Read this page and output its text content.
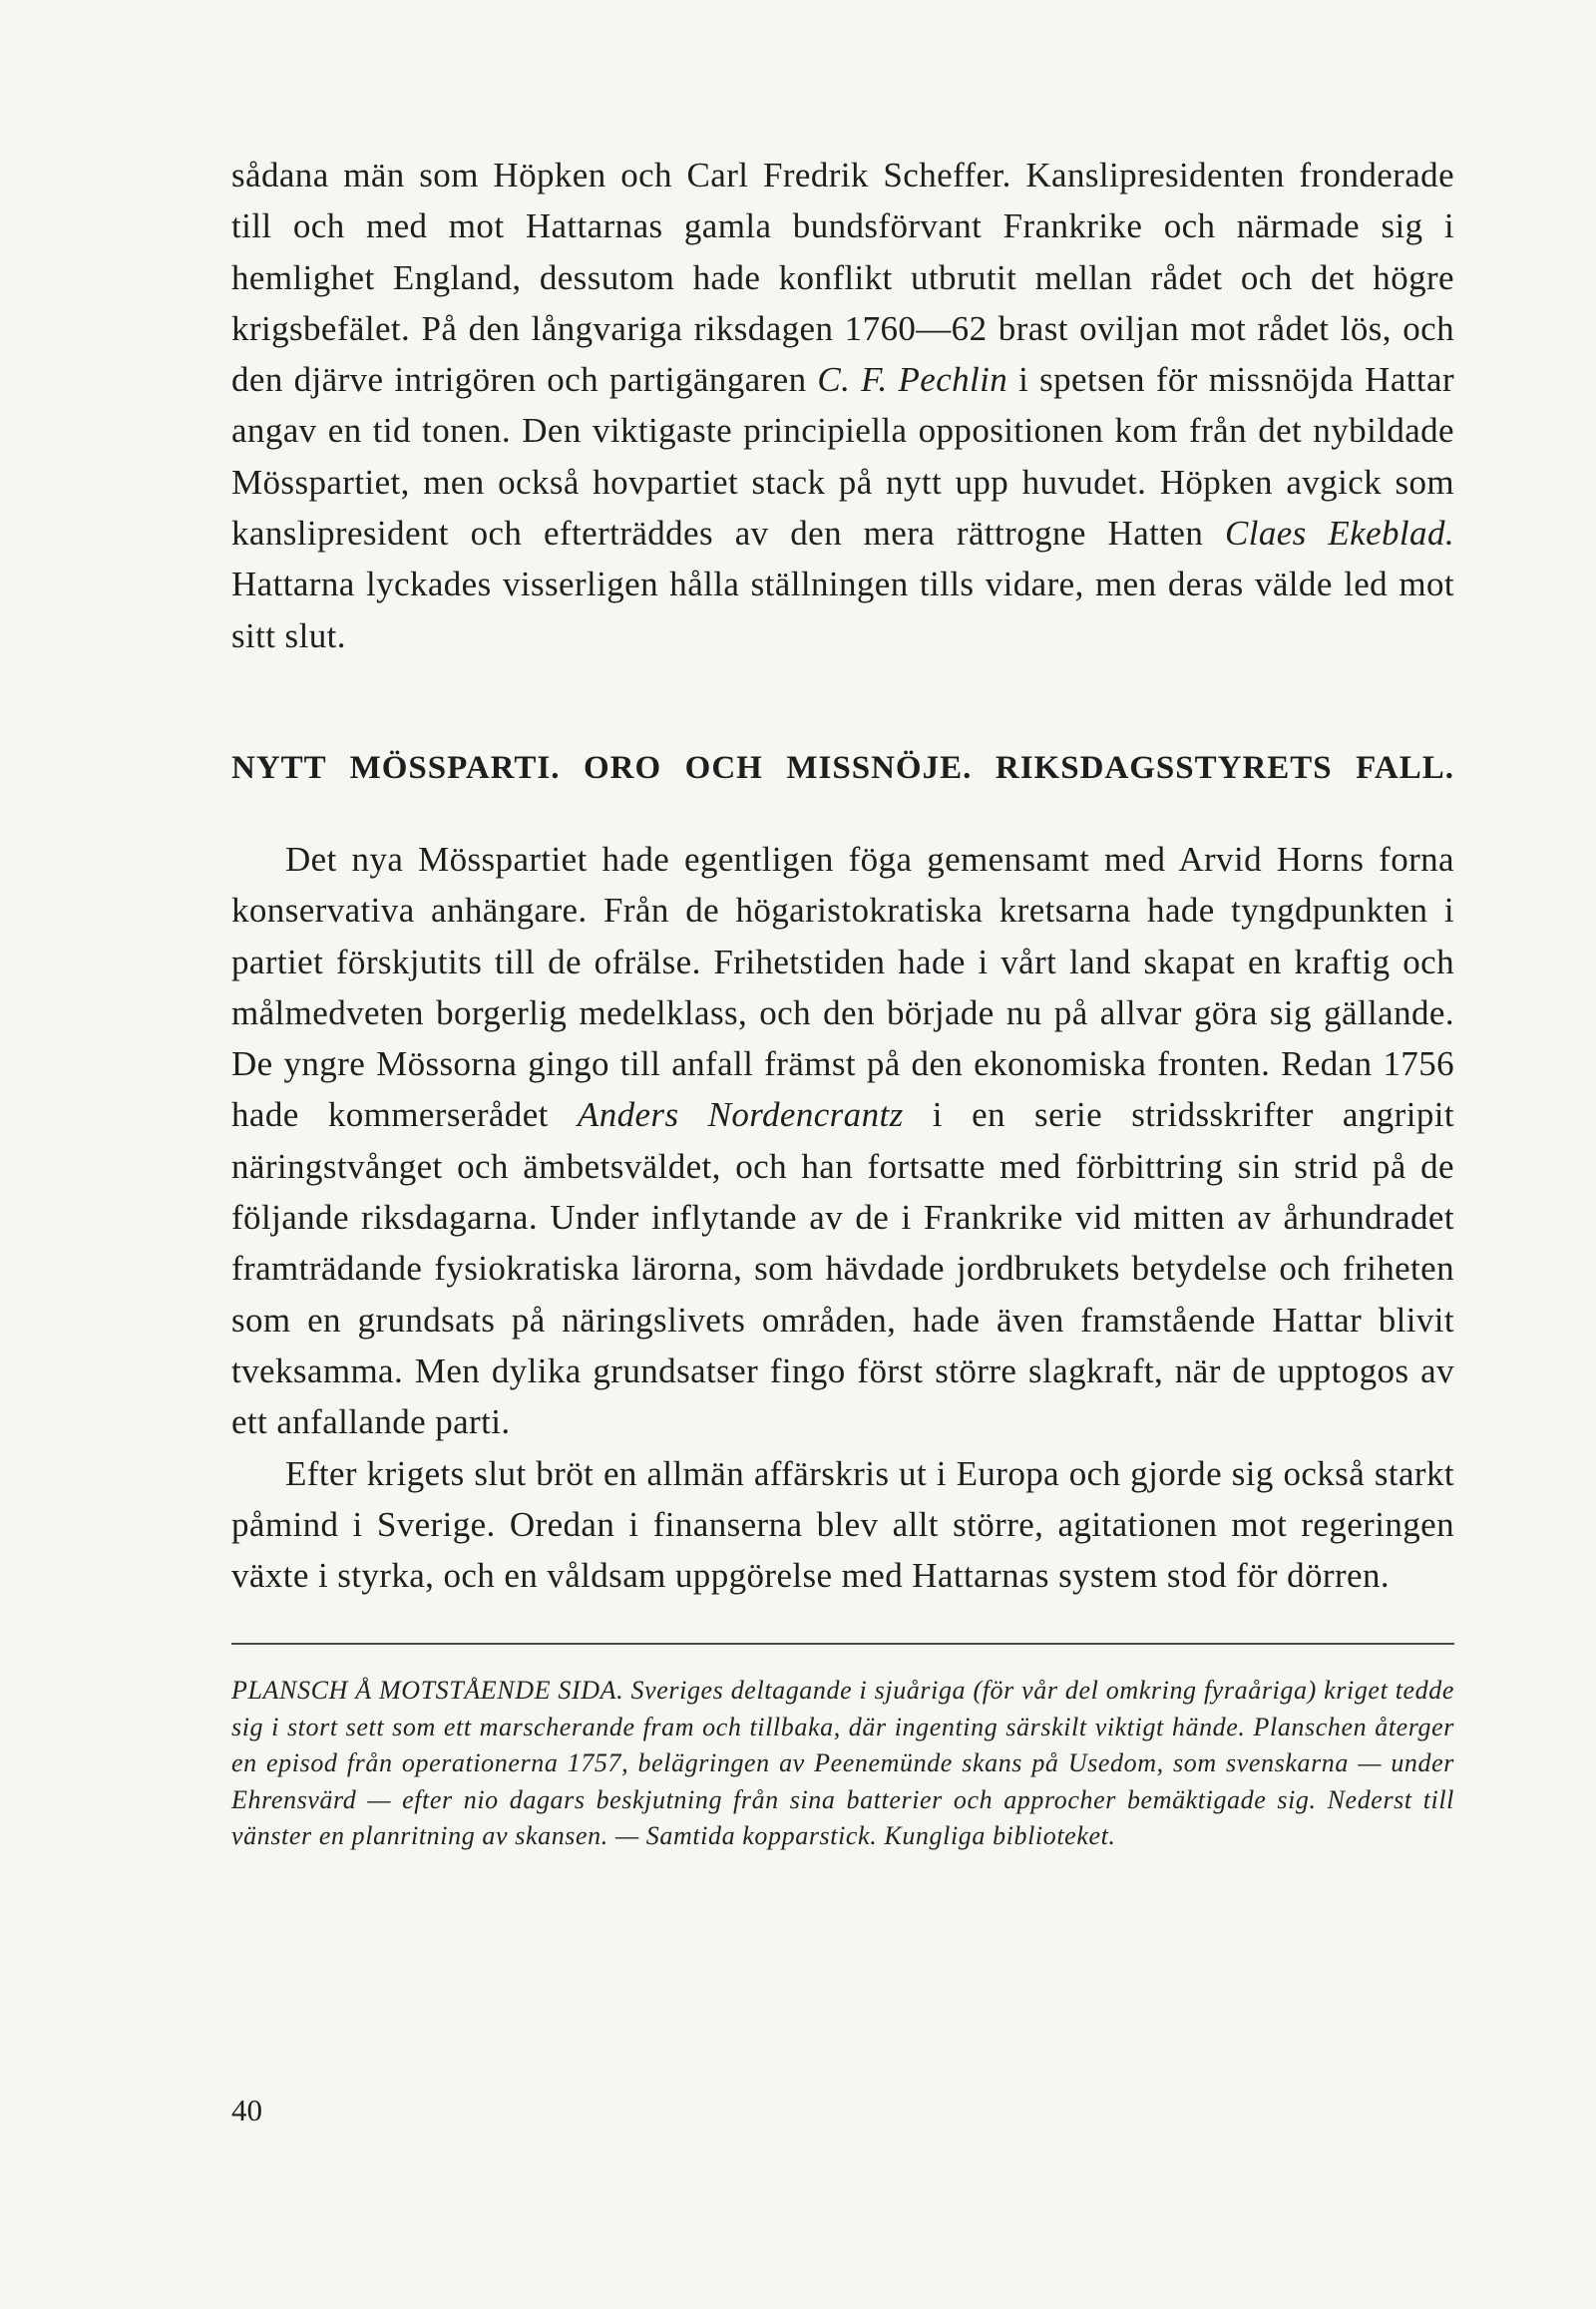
sådana män som Höpken och Carl Fredrik Scheffer. Kanslipresidenten fronderade till och med mot Hattarnas gamla bundsförvant Frankrike och närmade sig i hemlighet England, dessutom hade konflikt utbrutit mellan rådet och det högre krigsbefälet. På den långvariga riksdagen 1760—62 brast oviljan mot rådet lös, och den djärve intrigören och partigängaren C. F. Pechlin i spetsen för missnöjda Hattar angav en tid tonen. Den viktigaste principiella oppositionen kom från det nybildade Mösspartiet, men också hovpartiet stack på nytt upp huvudet. Höpken avgick som kanslipresident och efterträddes av den mera rättrogne Hatten Claes Ekeblad. Hattarna lyckades visserligen hålla ställningen tills vidare, men deras välde led mot sitt slut.

NYTT MÖSSPARTI. ORO OCH MISSNÖJE. RIKSDAGSSTYRETS FALL.

Det nya Mösspartiet hade egentligen föga gemensamt med Arvid Horns forna konservativa anhängare. Från de högaristokratiska kretsarna hade tyngdpunkten i partiet förskjutits till de ofrälse. Frihetstiden hade i vårt land skapat en kraftig och målmedveten borgerlig medelklass, och den började nu på allvar göra sig gällande. De yngre Mössorna gingo till anfall främst på den ekonomiska fronten. Redan 1756 hade kommerserådet Anders Nordencrantz i en serie stridsskrifter angripit näringstvånget och ämbetsväldet, och han fortsatte med förbittring sin strid på de följande riksdagarna. Under inflytande av de i Frankrike vid mitten av århundradet framträdande fysiokratiska lärorna, som hävdade jordbrukets betydelse och friheten som en grundsats på näringslivets områden, hade även framstående Hattar blivit tveksamma. Men dylika grundsatser fingo först större slagkraft, när de upptogos av ett anfallande parti.

Efter krigets slut bröt en allmän affärskris ut i Europa och gjorde sig också starkt påmind i Sverige. Oredan i finanserna blev allt större, agitationen mot regeringen växte i styrka, och en våldsam uppgörelse med Hattarnas system stod för dörren.

PLANSCH Å MOTSTÅENDE SIDA. Sveriges deltagande i sjuåriga (för vår del omkring fyraåriga) kriget tedde sig i stort sett som ett marscherande fram och tillbaka, där ingenting särskilt viktigt hände. Planschen återger en episod från operationerna 1757, belägringen av Peenemünde skans på Usedom, som svenskarna — under Ehrensvärd — efter nio dagars beskjutning från sina batterier och approcher bemäktigade sig. Nederst till vänster en planritning av skansen. — Samtida kopparstick. Kungliga biblioteket.

40
